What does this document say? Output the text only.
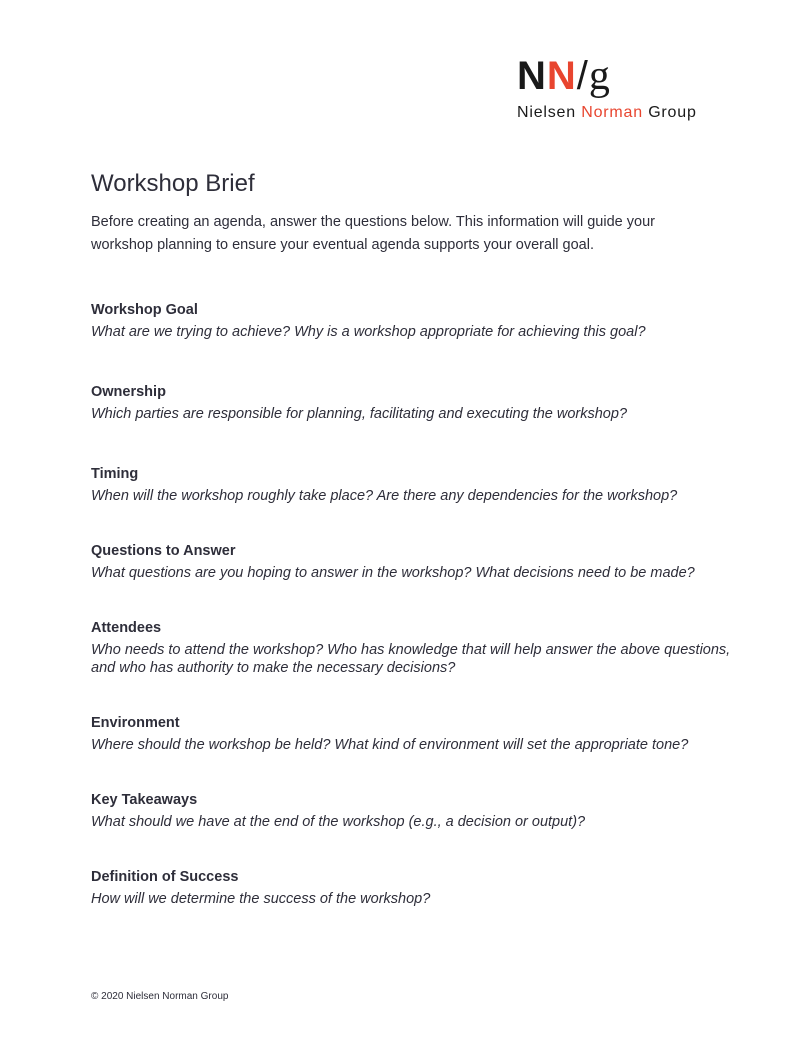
NN/g
Nielsen Norman Group
Workshop Brief

Before creating an agenda, answer the questions below. This information will guide your workshop planning to ensure your eventual agenda supports your overall goal.

Workshop Goal

What are we trying to achieve? Why is a workshop appropriate for achieving this goal?

Ownership

Which parties are responsible for planning, facilitating and executing the workshop?

Timing

When will the workshop roughly take place? Are there any dependencies for the workshop?

Questions to Answer

What questions are you hoping to answer in the workshop? What decisions need to be made?

Attendees

Who needs to attend the workshop? Who has knowledge that will help answer the above questions, and who has authority to make the necessary decisions?

Environment

Where should the workshop be held? What kind of environment will set the appropriate tone?

Key Takeaways

What should we have at the end of the workshop (e.g., a decision or output)?

Definition of Success

How will we determine the success of the workshop?

© 2020 Nielsen Norman Group
